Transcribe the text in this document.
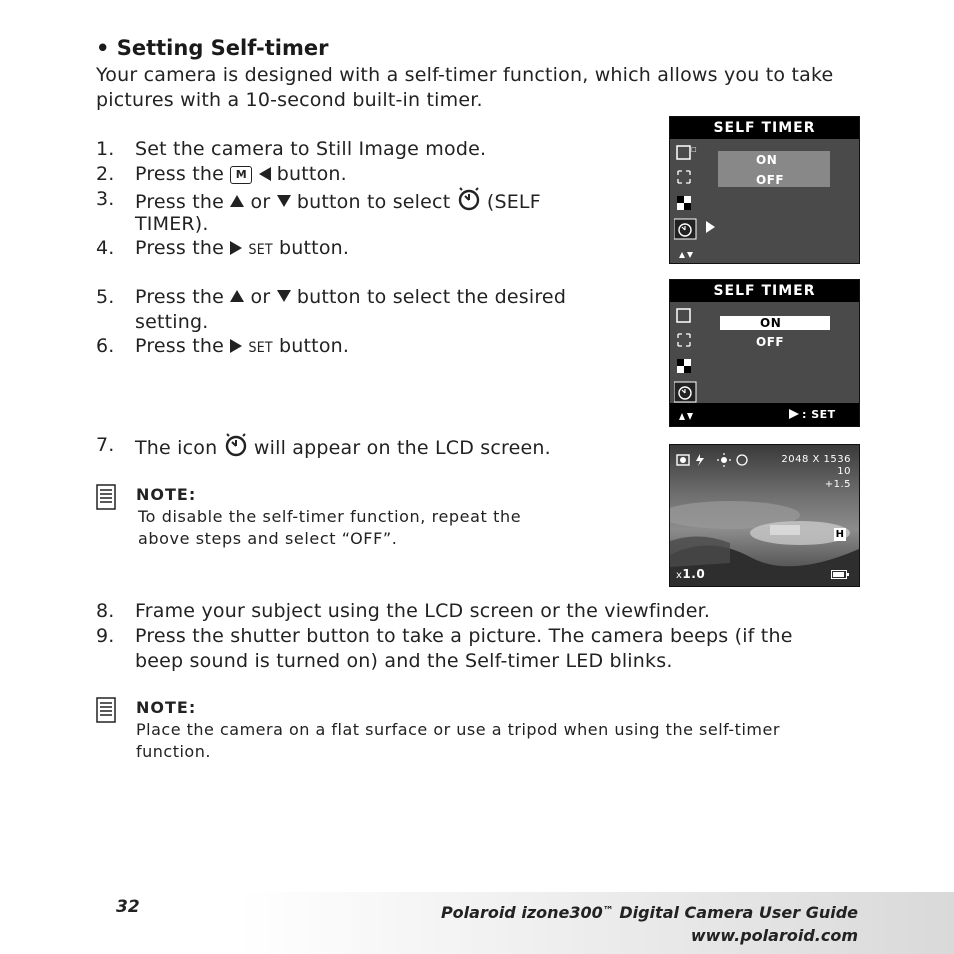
• Setting Self-timer
Your camera is designed with a self-timer function, which allows you to take pictures with a 10-second built-in timer.
1. Set the camera to Still Image mode.
2. Press the M button.
3. Press the or button to select (SELF
TIMER).
4. Press the SET button.
5. Press the or button to select the desired
setting.
6. Press the SET button.
7. The icon will appear on the LCD screen.
NOTE:
To disable the self-timer function, repeat the
above steps and select “OFF”.
8. Frame your subject using the LCD screen or the viewfinder.
9. Press the shutter button to take a picture. The camera beeps (if the
beep sound is turned on) and the Self-timer LED blinks.
NOTE:
Place the camera on a flat surface or use a tripod when using the self-timer
function.
SELF TIMER
□
ON
OFF
SELF TIMER
ON
OFF
: SET
2048 X 1536
10
+1.5
H
x1.0
32	Polaroid izone300™ Digital Camera User Guide
www.polaroid.com
